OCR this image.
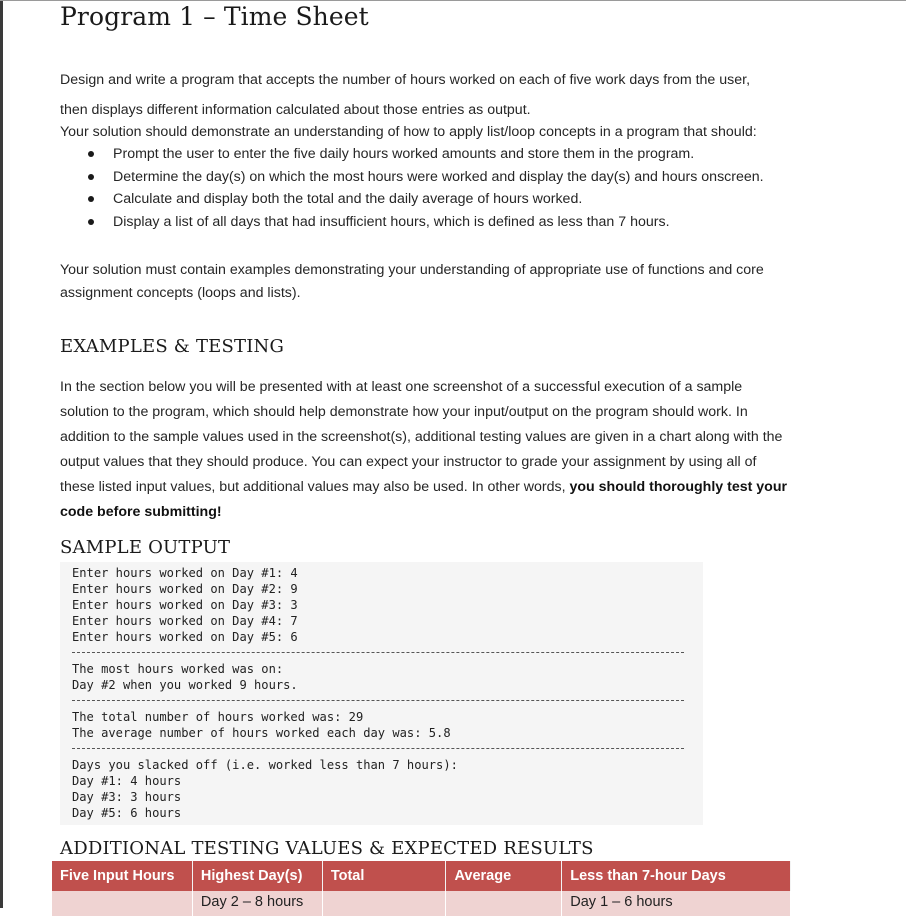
Program 1 – Time Sheet

Design and write a program that accepts the number of hours worked on each of five work days from the user,

then displays different information calculated about those entries as output.

Your solution should demonstrate an understanding of how to apply list/loop concepts in a program that should:

Prompt the user to enter the five daily hours worked amounts and store them in the program.
Determine the day(s) on which the most hours were worked and display the day(s) and hours onscreen.
Calculate and display both the total and the daily average of hours worked.
Display a list of all days that had insufficient hours, which is defined as less than 7 hours.

Your solution must contain examples demonstrating your understanding of appropriate use of functions and core assignment concepts (loops and lists).

EXAMPLES & TESTING

In the section below you will be presented with at least one screenshot of a successful execution of a sample solution to the program, which should help demonstrate how your input/output on the program should work. In addition to the sample values used in the screenshot(s), additional testing values are given in a chart along with the output values that they should produce. You can expect your instructor to grade your assignment by using all of these listed input values, but additional values may also be used. In other words, you should thoroughly test your code before submitting!

SAMPLE OUTPUT
Enter hours worked on Day #1: 4
Enter hours worked on Day #2: 9
Enter hours worked on Day #3: 3
Enter hours worked on Day #4: 7
Enter hours worked on Day #5: 6
The most hours worked was on:
Day #2 when you worked 9 hours.
The total number of hours worked was: 29
The average number of hours worked each day was: 5.8
Days you slacked off (i.e. worked less than 7 hours):
Day #1: 4 hours
Day #3: 3 hours
Day #5: 6 hours
ADDITIONAL TESTING VALUES & EXPECTED RESULTS
Five Input Hours	Highest Day(s)	Total	Average	Less than 7-hour Days
	Day 2 – 8 hours			Day 1 – 6 hours
